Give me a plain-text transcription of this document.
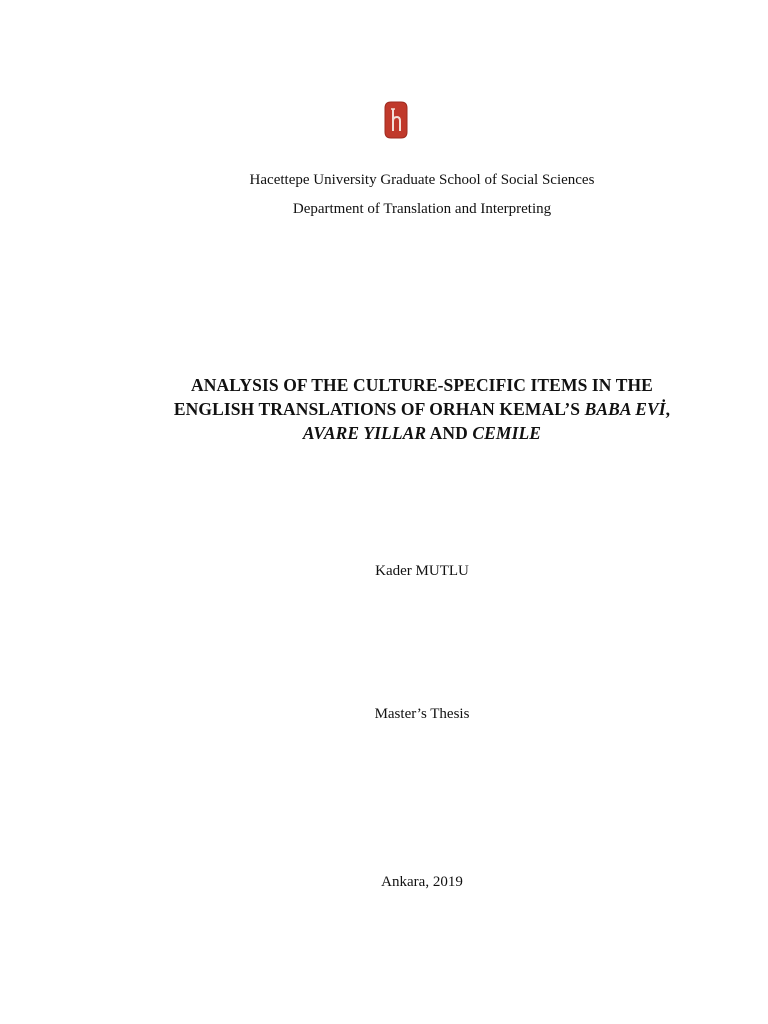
Hacettepe University Graduate School of Social Sciences
Department of Translation and Interpreting
ANALYSIS OF THE CULTURE-SPECIFIC ITEMS IN THE
ENGLISH TRANSLATIONS OF ORHAN KEMAL’S BABA EVİ,
AVARE YILLAR AND CEMILE
Kader MUTLU
Master’s Thesis
Ankara, 2019
